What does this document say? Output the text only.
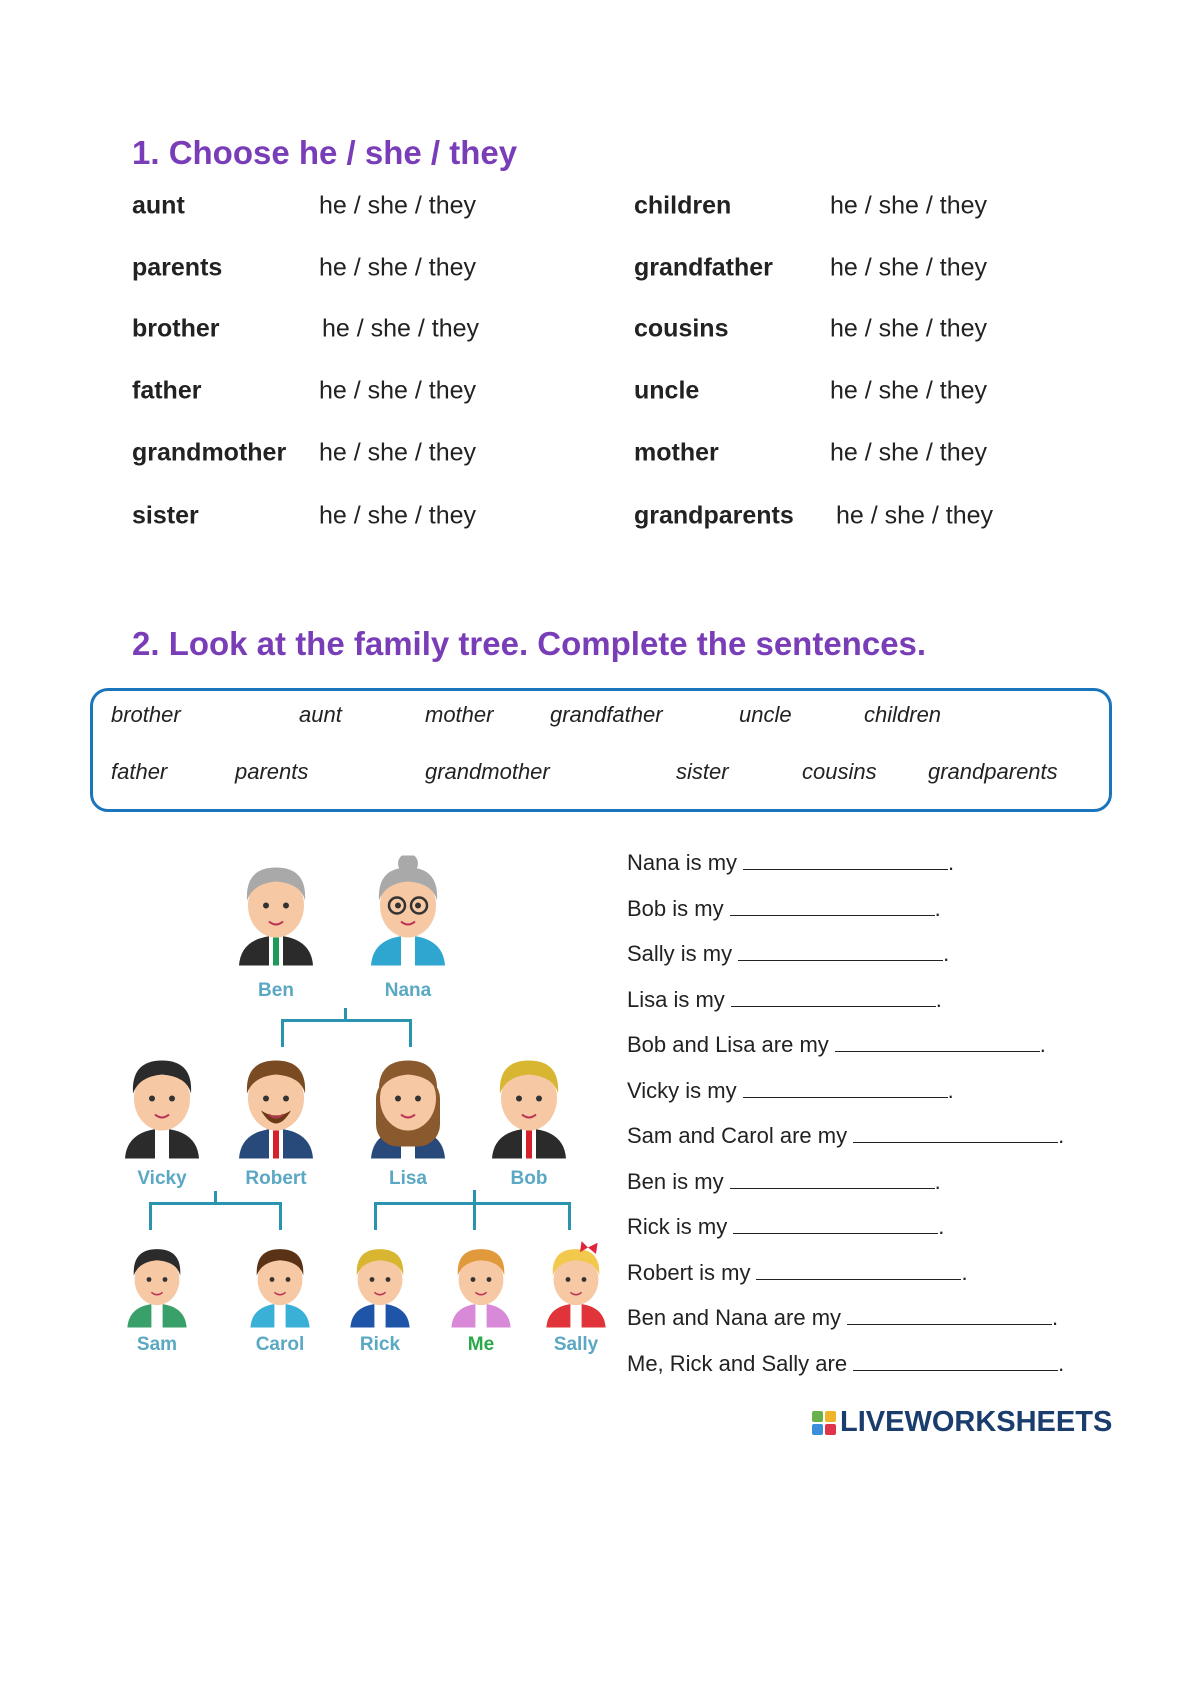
1. Choose he / she / they
aunt	he / she / they	children	he / she / they
parents	he / she / they	grandfather he / she / they
brother	he / she / they	cousins	he / she / they
father	he / she / they	uncle	he / she / they
grandmother he / she / they	mother	he / she / they
sister	he / she / they	grandparents he / she / they
2. Look at the family tree. Complete the sentences.
brother	aunt	mother	grandfather	uncle	children
father	parents	grandmother	sister	cousins grandparents
Ben	Nana
Vicky	Robert	Lisa	Bob
Sam	Carol	Rick	Me	Sally
Nana is my	.
Bob is my	.
Sally is my	.
Lisa is my	.
Bob and Lisa are my	.
Vicky is my	.
Sam and Carol are my	.
Ben is my	.
Rick is my	.
Robert is my	.
Ben and Nana are my	.
Me, Rick and Sally are	.
LIVEWORKSHEETS
